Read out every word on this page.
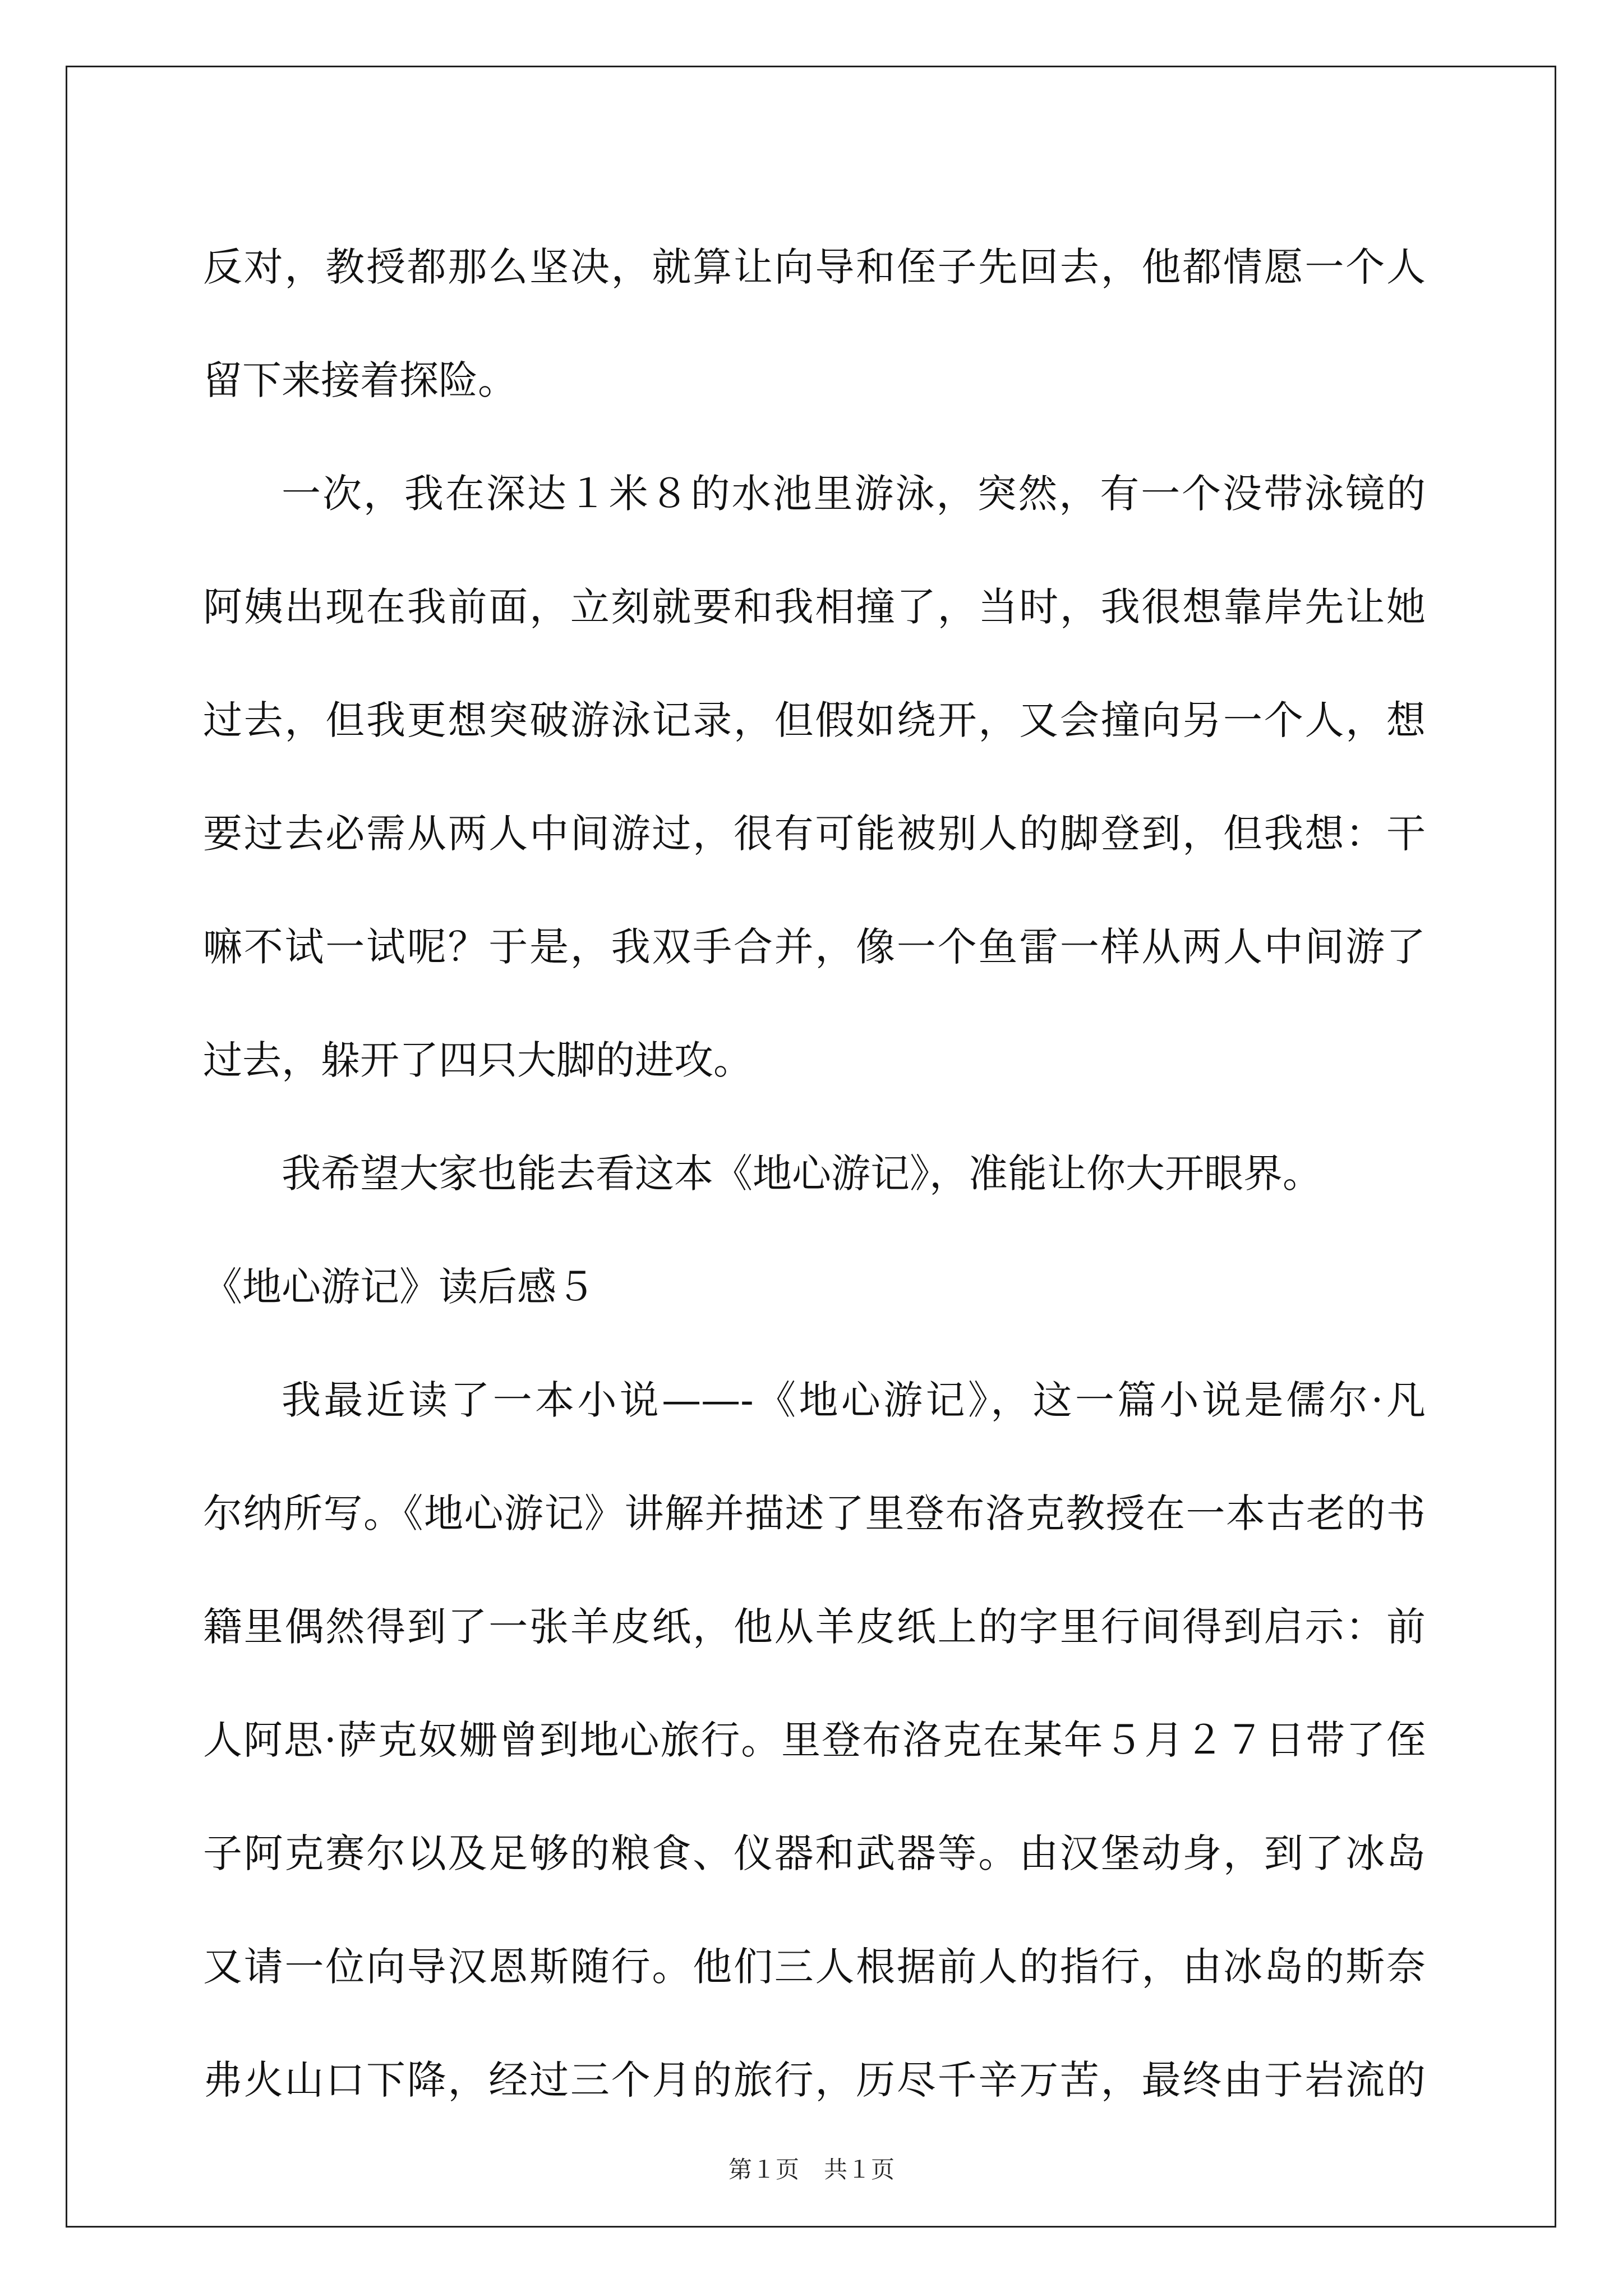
反对，教授都那么坚决，就算让向导和侄子先回去，他都情愿一个人
留下来接着探险。
一次，我在深达１米８的水池里游泳，突然，有一个没带泳镜的
阿姨出现在我前面，立刻就要和我相撞了，当时，我很想靠岸先让她
过去，但我更想突破游泳记录，但假如绕开，又会撞向另一个人，想
要过去必需从两人中间游过，很有可能被别人的脚登到，但我想：干
嘛不试一试呢？于是，我双手合并，像一个鱼雷一样从两人中间游了
过去，躲开了四只大脚的进攻。
我希望大家也能去看这本《地心游记》，准能让你大开眼界。
《地心游记》读后感５
我最近读了一本小说——-《地心游记》，这一篇小说是儒尔·凡
尔纳所写。《地心游记》讲解并描述了里登布洛克教授在一本古老的书
籍里偶然得到了一张羊皮纸，他从羊皮纸上的字里行间得到启示：前
人阿思·萨克奴姗曾到地心旅行。里登布洛克在某年５月２７日带了侄
子阿克赛尔以及足够的粮食、仪器和武器等。由汉堡动身，到了冰岛
又请一位向导汉恩斯随行。他们三人根据前人的指行，由冰岛的斯奈
弗火山口下降，经过三个月的旅行，历尽千辛万苦，最终由于岩流的
第１页 共１页
